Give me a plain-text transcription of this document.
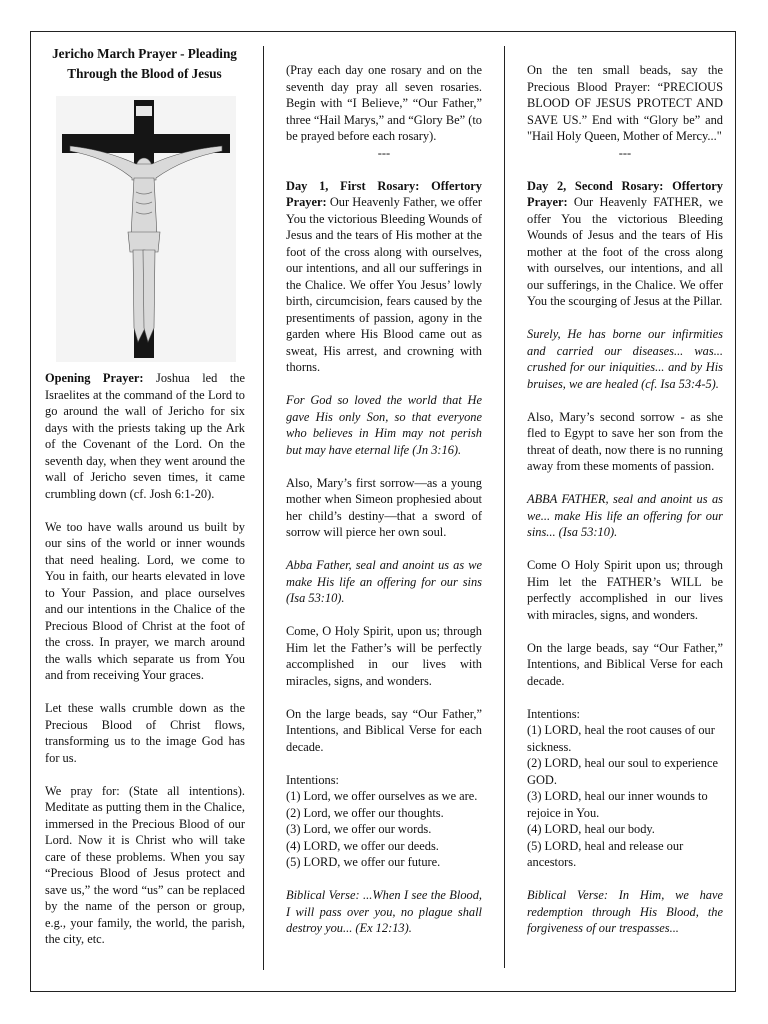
Jericho March Prayer - Pleading Through the Blood of Jesus

Opening Prayer: Joshua led the Israelites at the command of the Lord to go around the wall of Jericho for six days with the priests taking up the Ark of the Covenant of the Lord. On the seventh day, when they went around the wall of Jericho seven times, it came crumbling down (cf. Josh 6:1-20).

We too have walls around us built by our sins of the world or inner wounds that need healing. Lord, we come to You in faith, our hearts elevated in love to Your Passion, and place ourselves and our intentions in the Chalice of the Precious Blood of Christ at the foot of the cross. In prayer, we march around the walls which separate us from You and from receiving Your graces.

Let these walls crumble down as the Precious Blood of Christ flows, transforming us to the image God has for us.

We pray for: (State all intentions). Meditate as putting them in the Chalice, immersed in the Precious Blood of our Lord. Now it is Christ who will take care of these problems. When you say “Precious Blood of Jesus protect and save us,” the word “us” can be replaced by the name of the person or group, e.g., your family, the world, the parish, the city, etc.

(Pray each day one rosary and on the seventh day pray all seven rosaries. Begin with “I Believe,” “Our Father,” three “Hail Marys,” and “Glory Be” (to be prayed before each rosary).

---

Day 1, First Rosary: Offertory Prayer: Our Heavenly Father, we offer You the victorious Bleeding Wounds of Jesus and the tears of His mother at the foot of the cross along with ourselves, our intentions, and all our sufferings in the Chalice. We offer You Jesus’ lowly birth, circumcision, fears caused by the presentiments of passion, agony in the garden where His Blood came out as sweat, His arrest, and crowning with thorns.

For God so loved the world that He gave His only Son, so that everyone who believes in Him may not perish but may have eternal life (Jn 3:16).

Also, Mary’s first sorrow—as a young mother when Simeon prophesied about her child’s destiny—that a sword of sorrow will pierce her own soul.

Abba Father, seal and anoint us as we make His life an offering for our sins (Isa 53:10).

Come, O Holy Spirit, upon us; through Him let the Father’s will be perfectly accomplished in our lives with miracles, signs, and wonders.

On the large beads, say “Our Father,” Intentions, and Biblical Verse for each decade.

Intentions:

(1) Lord, we offer ourselves as we are.

(2) Lord, we offer our thoughts.

(3) Lord, we offer our words.

(4) LORD, we offer our deeds.

(5) LORD, we offer our future.

Biblical Verse: ...When I see the Blood, I will pass over you, no plague shall destroy you... (Ex 12:13).

On the ten small beads, say the Precious Blood Prayer: “PRECIOUS BLOOD OF JESUS PROTECT AND SAVE US.” End with “Glory be” and "Hail Holy Queen, Mother of Mercy..."

---

Day 2, Second Rosary: Offertory Prayer: Our Heavenly FATHER, we offer You the victorious Bleeding Wounds of Jesus and the tears of His mother at the foot of the cross along with ourselves, our intentions, and all our sufferings, in the Chalice. We offer You the scourging of Jesus at the Pillar.

Surely, He has borne our infirmities and carried our diseases... was... crushed for our iniquities... and by His bruises, we are healed (cf. Isa 53:4-5).

Also, Mary’s second sorrow - as she fled to Egypt to save her son from the threat of death, now there is no running away from these moments of passion.

ABBA FATHER, seal and anoint us as we... make His life an offering for our sins... (Isa 53:10).

Come O Holy Spirit upon us; through Him let the FATHER’s WILL be perfectly accomplished in our lives with miracles, signs, and wonders.

On the large beads, say “Our Father,” Intentions, and Biblical Verse for each decade.

Intentions:

(1) LORD, heal the root causes of our sickness.

(2) LORD, heal our soul to experience GOD.

(3) LORD, heal our inner wounds to rejoice in You.

(4) LORD, heal our body.

(5) LORD, heal and release our ancestors.

Biblical Verse: In Him, we have redemption through His Blood, the forgiveness of our trespasses...
